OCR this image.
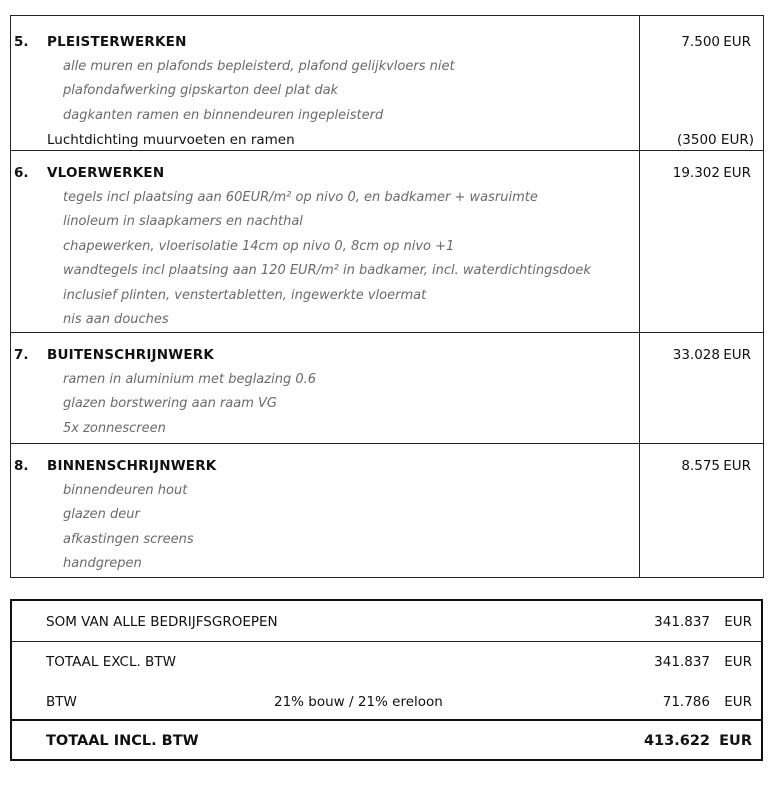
5. PLEISTERWERKEN	7.500 EUR
alle muren en plafonds bepleisterd, plafond gelijkvloers niet
plafondafwerking gipskarton deel plat dak
dagkanten ramen en binnendeuren ingepleisterd
Luchtdichting muurvoeten en ramen	(3500 EUR)
6. VLOERWERKEN	19.302 EUR
tegels incl plaatsing aan 60EUR/m² op nivo 0, en badkamer + wasruimte
linoleum in slaapkamers en nachthal
chapewerken, vloerisolatie 14cm op nivo 0, 8cm op nivo +1
wandtegels incl plaatsing aan 120 EUR/m² in badkamer, incl. waterdichtingsdoek
inclusief plinten, venstertabletten, ingewerkte vloermat
nis aan douches
7. BUITENSCHRIJNWERK	33.028 EUR
ramen in aluminium met beglazing 0.6
glazen borstwering aan raam VG
5x zonnescreen
8. BINNENSCHRIJNWERK	8.575 EUR
binnendeuren hout
glazen deur
afkastingen screens
handgrepen
SOM VAN ALLE BEDRIJFSGROEPEN	341.837 EUR
TOTAAL EXCL. BTW	341.837 EUR
BTW	21% bouw / 21% ereloon	71.786 EUR
TOTAAL INCL. BTW	413.622 EUR
